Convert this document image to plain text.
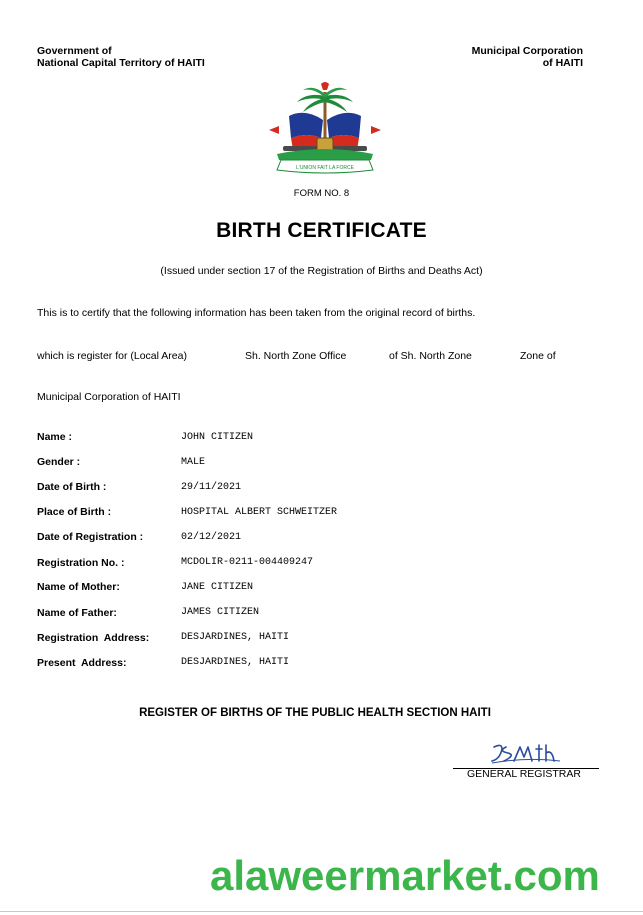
Government of
National Capital Territory of HAITI
Municipal Corporation
of HAITI
L'UNION FAIT LA FORCE
FORM NO. 8
BIRTH CERTIFICATE
(Issued under section 17 of the Registration of Births and Deaths Act)
This is to certify that the following information has been taken from the original record of births.
which is register for (Local Area)	Sh. North Zone Office	of Sh. North Zone	Zone of
Municipal Corporation of HAITI
Name :	JOHN CITIZEN
Gender :	MALE
Date of Birth :	29/11/2021
Place of Birth :	HOSPITAL ALBERT SCHWEITZER
Date of Registration :	02/12/2021
Registration No. :	MCDOLIR-0211-004409247
Name of Mother:	JANE CITIZEN
Name of Father:	JAMES CITIZEN
Registration  Address:	DESJARDINES, HAITI
Present  Address:	DESJARDINES, HAITI
REGISTER OF BIRTHS OF THE PUBLIC HEALTH SECTION HAITI
GENERAL REGISTRAR
alaweermarket.com
